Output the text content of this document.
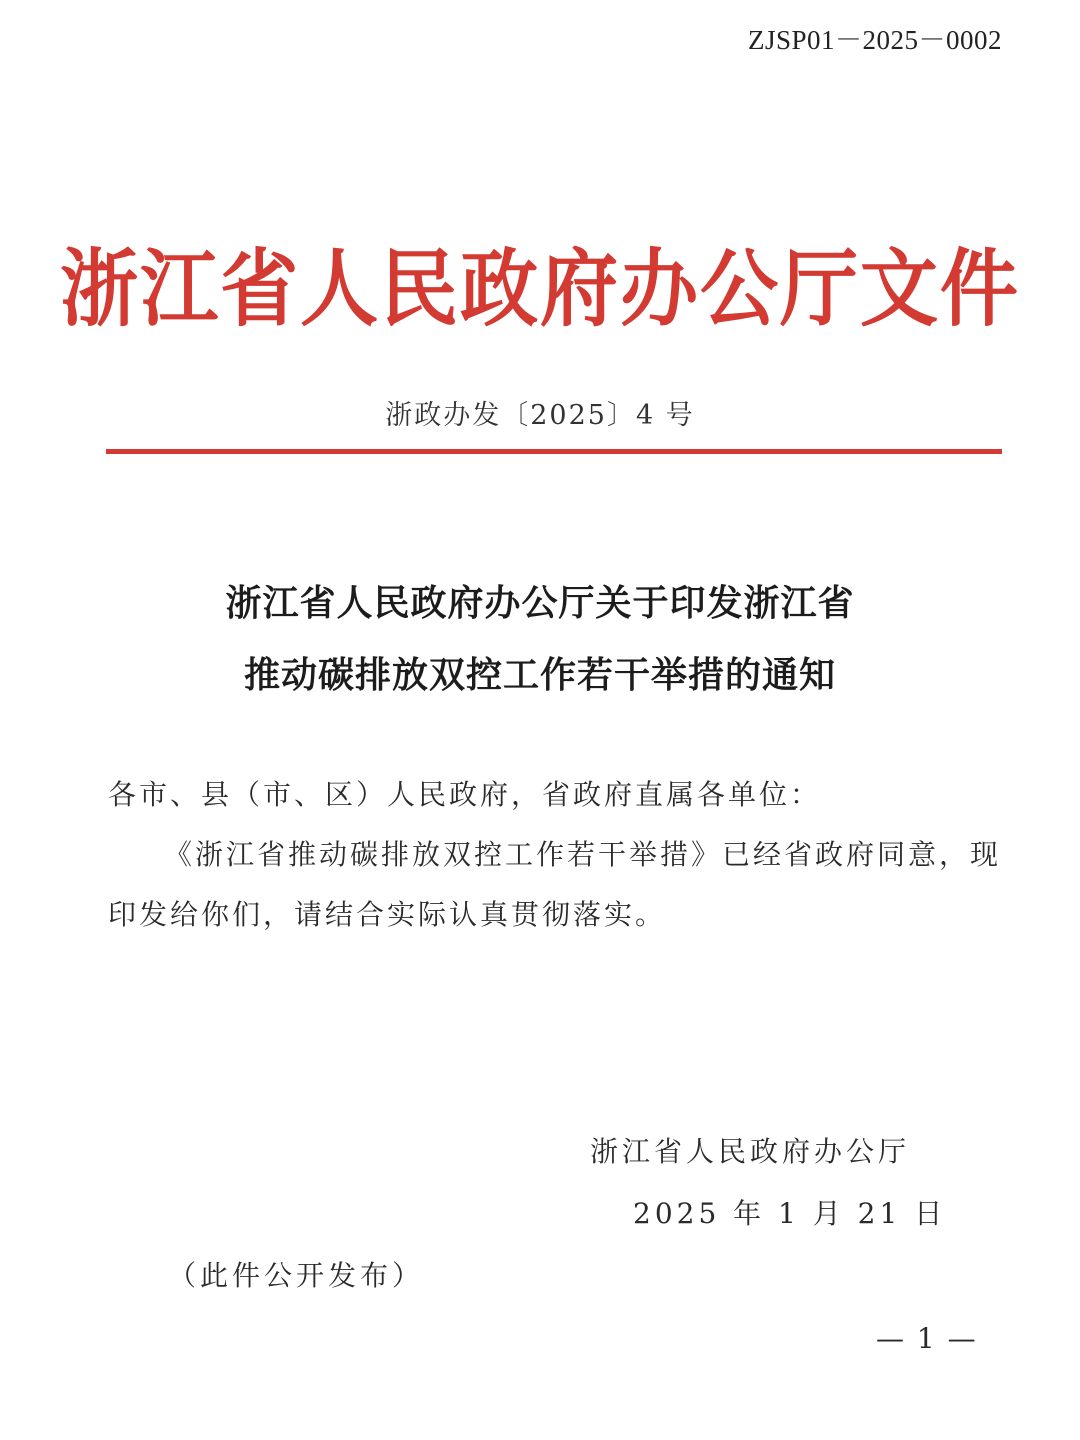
ZJSP01－2025－0002
浙江省人民政府办公厅文件
浙政办发〔2025〕4 号
浙江省人民政府办公厅关于印发浙江省
推动碳排放双控工作若干举措的通知
各市、县（市、区）人民政府，省政府直属各单位：
《浙江省推动碳排放双控工作若干举措》已经省政府同意，现印发给你们，请结合实际认真贯彻落实。
浙江省人民政府办公厅
2025 年 1 月 21 日
（此件公开发布）
— 1 —
